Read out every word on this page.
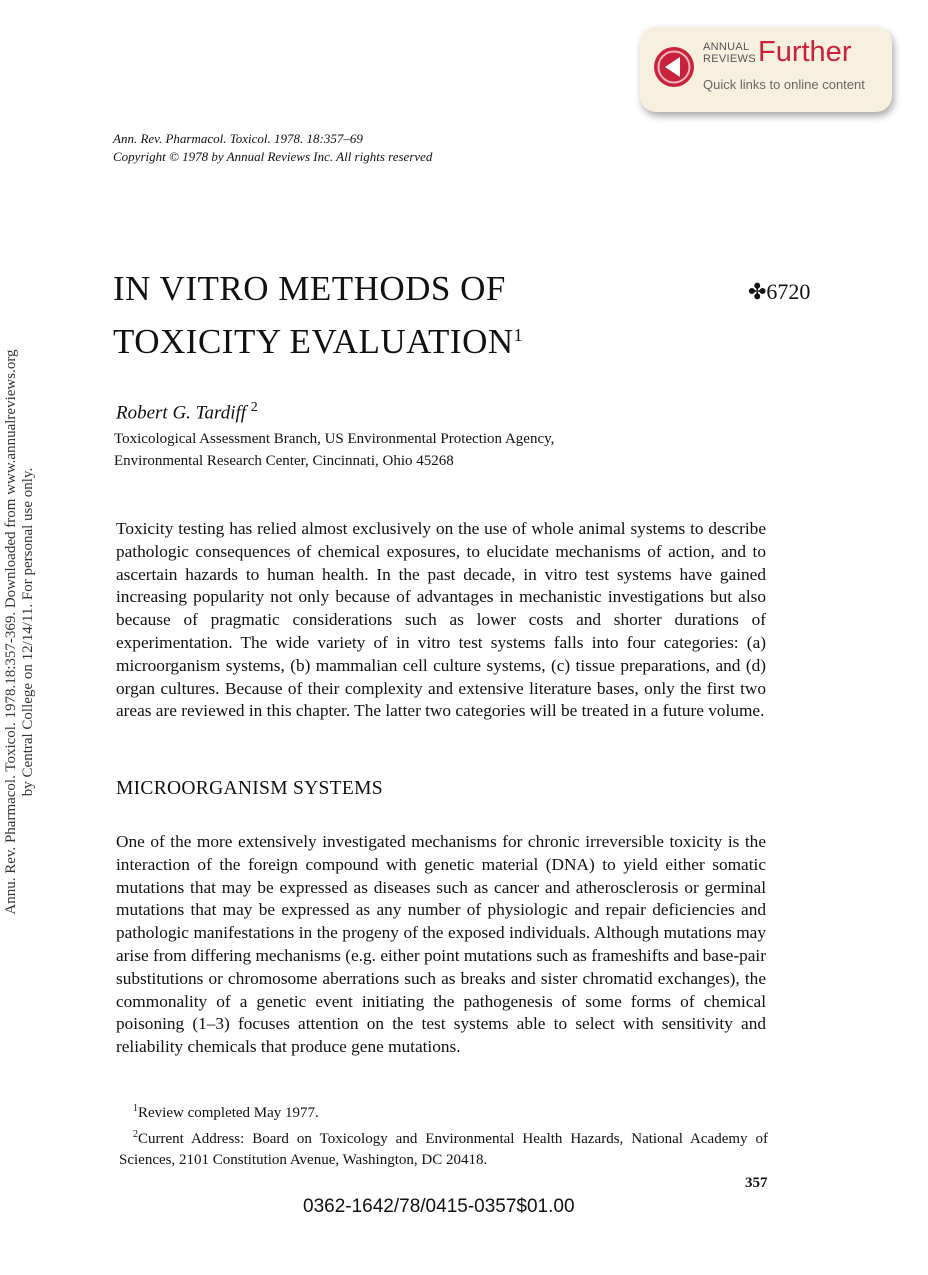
ANNUAL
REVIEWS Further
Quick links to online content
Annu. Rev. Pharmacol. Toxicol. 1978.18:357-369. Downloaded from www.annualreviews.org by Central College on 12/14/11. For personal use only.
Ann. Rev. Pharmacol. Toxicol. 1978. 18:357–69
Copyright © 1978 by Annual Reviews Inc. All rights reserved
IN VITRO METHODS OF
TOXICITY EVALUATION$^1$
✤6720
Robert G. Tardiff $^2$
Toxicological Assessment Branch, US Environmental Protection Agency,
Environmental Research Center, Cincinnati, Ohio 45268

Toxicity testing has relied almost exclusively on the use of whole animal systems to describe pathologic consequences of chemical exposures, to elucidate mechanisms of action, and to ascertain hazards to human health. In the past decade, in vitro test systems have gained increasing popularity not only because of advantages in mechanistic investigations but also because of pragmatic considerations such as lower costs and shorter durations of experimentation. The wide variety of in vitro test systems falls into four categories: (a) microorganism systems, (b) mammalian cell culture systems, (c) tissue preparations, and (d) organ cultures. Because of their complexity and extensive literature bases, only the first two areas are reviewed in this chapter. The latter two categories will be treated in a future volume.

MICROORGANISM SYSTEMS

One of the more extensively investigated mechanisms for chronic irreversible toxicity is the interaction of the foreign compound with genetic material (DNA) to yield either somatic mutations that may be expressed as diseases such as cancer and atherosclerosis or germinal mutations that may be expressed as any number of physiologic and repair deficiencies and pathologic manifestations in the progeny of the exposed individuals. Although mutations may arise from differing mechanisms (e.g. either point mutations such as frameshifts and base-pair substitutions or chromosome aberrations such as breaks and sister chromatid exchanges), the commonality of a genetic event initiating the pathogenesis of some forms of chemical poisoning (1–3) focuses attention on the test systems able to select with sensitivity and reliability chemicals that produce gene mutations.

$^1$Review completed May 1977.
$^2$Current Address: Board on Toxicology and Environmental Health Hazards, National Academy of Sciences, 2101 Constitution Avenue, Washington, DC 20418.
357
0362-1642/78/0415-0357$01.00
